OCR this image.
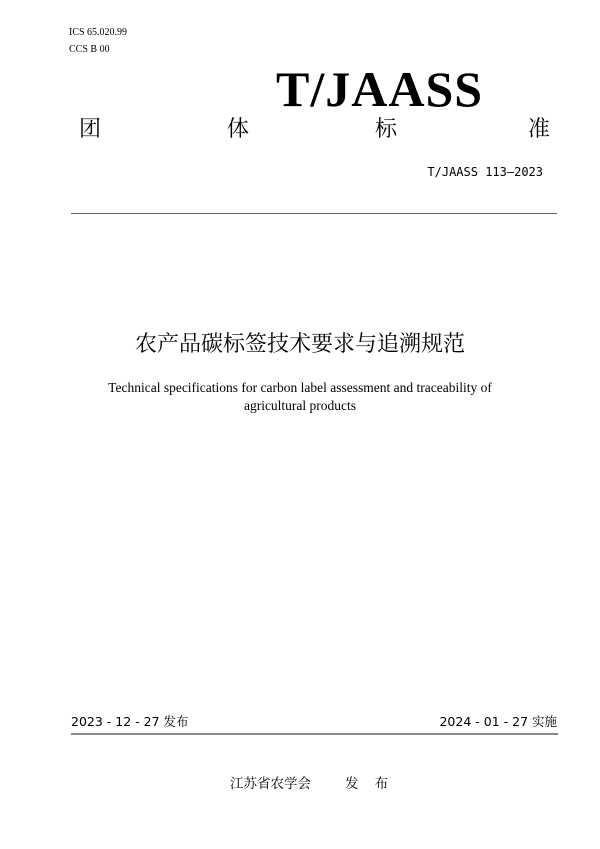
ICS 65.020.99
CCS B 00
T/JAASS
团	体	标	准
T/JAASS 113—2023
农产品碳标签技术要求与追溯规范
Technical specifications for carbon label assessment and traceability of
agricultural products
2023 - 12 - 27 发布	2024 - 01 - 27 实施
江苏省农学会	发 布
